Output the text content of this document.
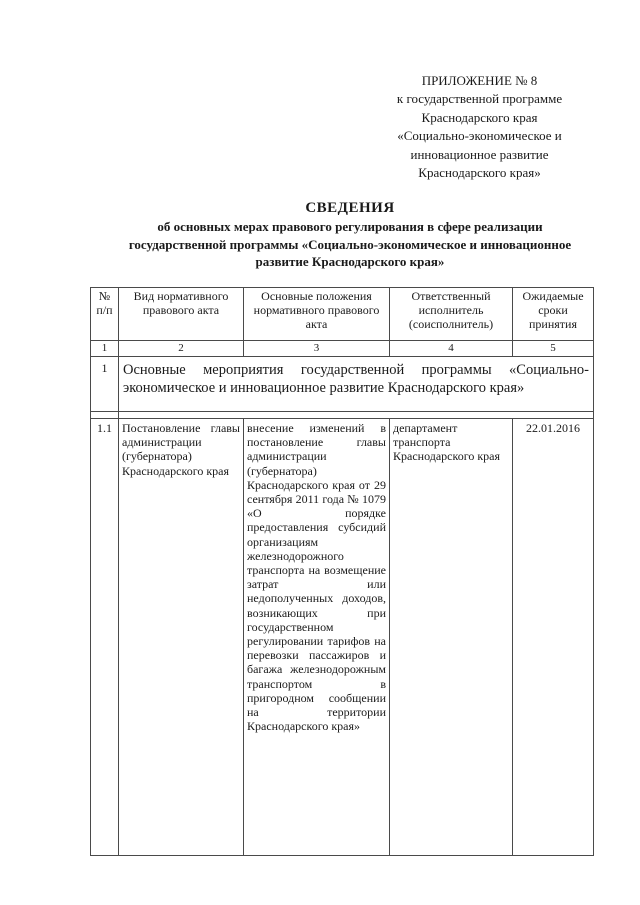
ПРИЛОЖЕНИЕ № 8
к государственной программе
Краснодарского края
«Социально-экономическое и
инновационное развитие
Краснодарского края»
СВЕДЕНИЯ
об основных мерах правового регулирования в сфере реализации
государственной программы «Социально-экономическое и инновационное
развитие Краснодарского края»
№ п/п	Вид нормативного правового акта	Основные положения нормативного правового акта	Ответственный исполнитель (соисполнитель)	Ожидаемые сроки принятия
1	2	3	4	5
1	Основные мероприятия государственной программы «Социально-экономическое и инновационное развитие Краснодарского края»			

1.1	Постановление главы администрации (губернатора) Краснодарского края	внесение изменений в постановление главы администрации (губернатора) Краснодарского края от 29 сентября 2011 года № 1079 «О порядке предоставления субсидий организациям железнодорожного транспорта на возмещение затрат или недополученных доходов, возникающих при государственном регулировании тарифов на перевозки пассажиров и багажа железнодорожным транспортом в пригородном сообщении на территории Краснодарского края»	департамент транспорта Краснодарского края	22.01.2016
